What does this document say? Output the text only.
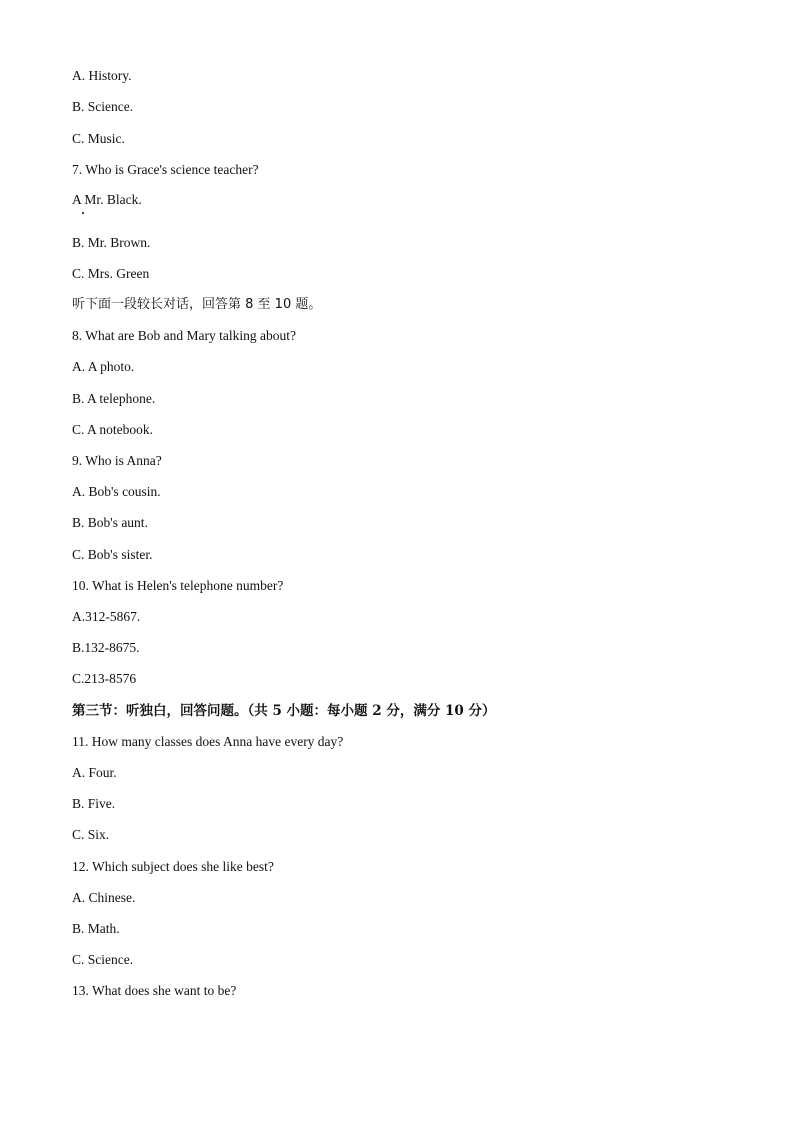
A. History.
B. Science.
C. Music.
7. Who is Grace's science teacher?
A Mr. Black.
B. Mr. Brown.
C. Mrs. Green
听下面一段较长对话，回答第 8 至 10 题。
8. What are Bob and Mary talking about?
A. A photo.
B. A telephone.
C. A notebook.
9. Who is Anna?
A. Bob's cousin.
B. Bob's aunt.
C. Bob's sister.
10. What is Helen's telephone number?
A.312-5867.
B.132-8675.
C.213-8576
第三节：听独白，回答问题。（共 5 小题：每小题 2 分，满分 10 分）
11. How many classes does Anna have every day?
A. Four.
B. Five.
C. Six.
12. Which subject does she like best?
A. Chinese.
B. Math.
C. Science.
13. What does she want to be?
